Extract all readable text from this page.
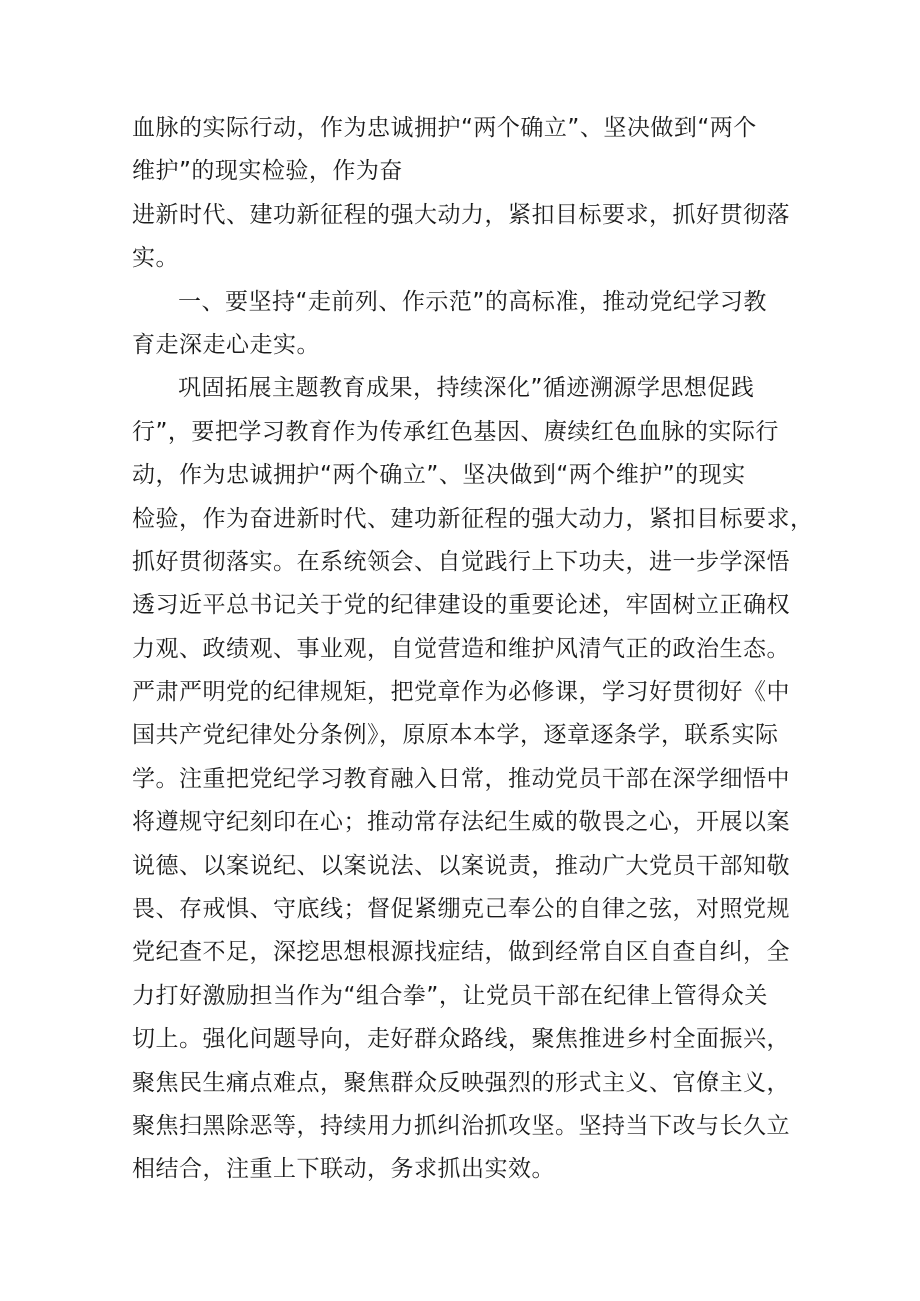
血脉的实际行动，作为忠诚拥护“两个确立”、坚决做到“两个
维护”的现实检验，作为奋
进新时代、建功新征程的强大动力，紧扣目标要求，抓好贯彻落
实。
一、要坚持“走前列、作示范”的高标准，推动党纪学习教
育走深走心走实。
巩固拓展主题教育成果，持续深化”循迹溯源学思想促践
行”，要把学习教育作为传承红色基因、赓续红色血脉的实际行
动，作为忠诚拥护“两个确立”、坚决做到“两个维护”的现实
检验，作为奋进新时代、建功新征程的强大动力，紧扣目标要求，
抓好贯彻落实。在系统领会、自觉践行上下功夫，进一步学深悟
透习近平总书记关于党的纪律建设的重要论述，牢固树立正确权
力观、政绩观、事业观，自觉营造和维护风清气正的政治生态。
严肃严明党的纪律规矩，把党章作为必修课，学习好贯彻好《中
国共产党纪律处分条例》，原原本本学，逐章逐条学，联系实际
学。注重把党纪学习教育融入日常，推动党员干部在深学细悟中
将遵规守纪刻印在心；推动常存法纪生威的敬畏之心，开展以案
说德、以案说纪、以案说法、以案说责，推动广大党员干部知敬
畏、存戒惧、守底线；督促紧绷克己奉公的自律之弦，对照党规
党纪查不足，深挖思想根源找症结，做到经常自区自查自纠，全
力打好激励担当作为“组合拳”，让党员干部在纪律上管得众关
切上。强化问题导向，走好群众路线，聚焦推进乡村全面振兴，
聚焦民生痛点难点，聚焦群众反映强烈的形式主义、官僚主义，
聚焦扫黑除恶等，持续用力抓纠治抓攻坚。坚持当下改与长久立
相结合，注重上下联动，务求抓出实效。
